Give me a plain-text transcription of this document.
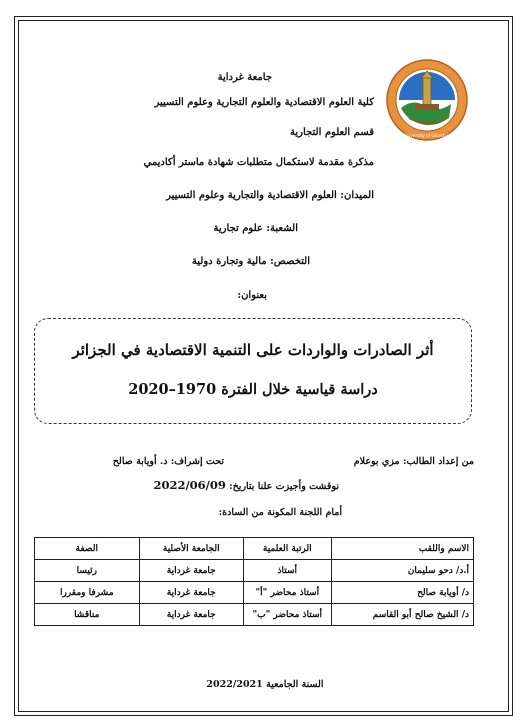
University of Ghardaia
جامعة غرداية
كلية العلوم الاقتصادية والعلوم التجارية وعلوم التسيير
قسم العلوم التجارية
مذكرة مقدمة لاستكمال متطلبات شهادة ماستر أكاديمي
الميدان: العلوم الاقتصادية والتجارية وعلوم التسيير
الشعبة: علوم تجارية
التخصص: مالية وتجارة دولية
بعنوان:
أثر الصادرات والواردات على التنمية الاقتصادية في الجزائر
دراسة قياسية خلال الفترة 1970–2020
من إعداد الطالب: مزي بوعلام
تحت إشراف: د. أويابة صالح
نوقشت وأجيزت علنا بتاريخ: 2022/06/09
أمام اللجنة المكونة من السادة:
الاسم واللقب	الرتبة العلمية	الجامعة الأصلية	الصفة
أ.د/ دحو سليمان	أستاذ	جامعة غرداية	رئيسا
د/ أويابة صالح	أستاذ محاضر "أ"	جامعة غرداية	مشرفا ومقررا
د/ الشيخ صالح أبو القاسم	أستاذ محاضر "ب"	جامعة غرداية	مناقشا
السنة الجامعية 2022/2021
